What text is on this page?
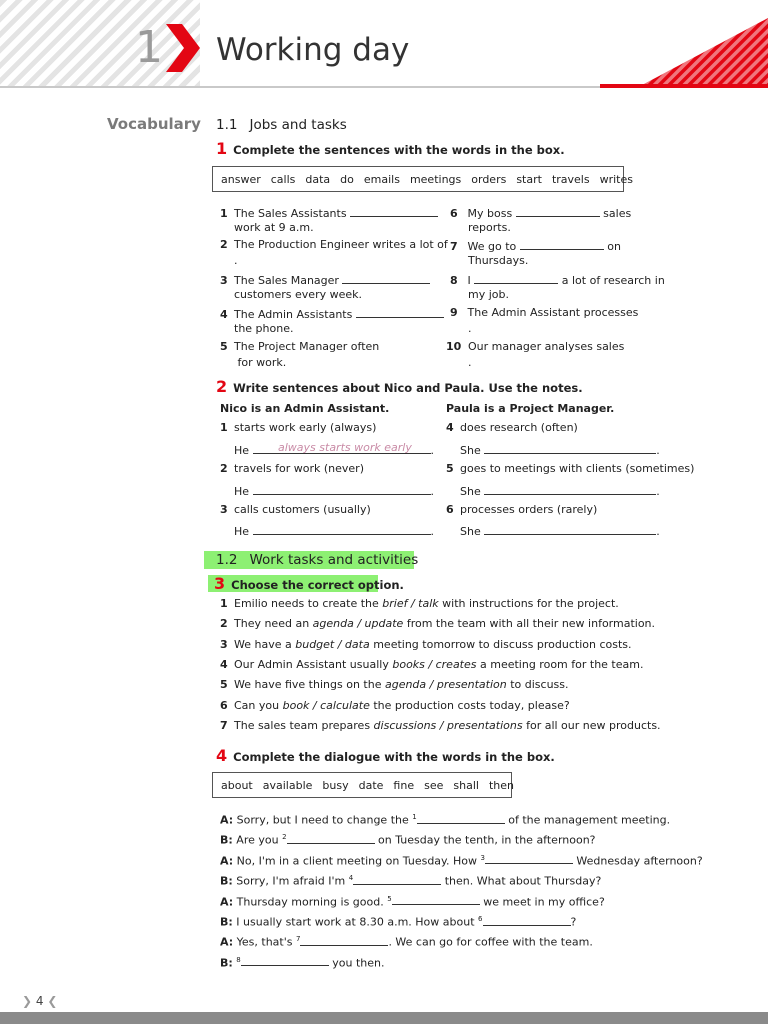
1 Working day
Vocabulary 1.1 Jobs and tasks
1 Complete the sentences with the words in the box.
answer calls data do emails meetings orders start travels writes
1 The Sales Assistants
work at 9 a.m.
2 The Production Engineer writes a lot of
.
3 The Sales Manager
customers every week.
4 The Admin Assistants
the phone.
5 The Project Manager often
for work.
6 My boss	sales
reports.
7 We go to	on
Thursdays.
8 I	a lot of research in
my job.
9 The Admin Assistant processes
.
10 Our manager analyses sales
.
2 Write sentences about Nico and Paula. Use the notes.
Nico is an Admin Assistant.	Paula is a Project Manager.
1 starts work early (always)
He	.
always starts work early
2 travels for work (never)
He	.
3 calls customers (usually)
He	.
4 does research (often)
She	.
5 goes to meetings with clients (sometimes)
She	.
6 processes orders (rarely)
She	.
1.2 Work tasks and activities
3 Choose the correct option.
1 Emilio needs to create the brief / talk with instructions for the project.
2 They need an agenda / update from the team with all their new information.
3 We have a budget / data meeting tomorrow to discuss production costs.
4 Our Admin Assistant usually books / creates a meeting room for the team.
5 We have five things on the agenda / presentation to discuss.
6 Can you book / calculate the production costs today, please?
7 The sales team prepares discussions / presentations for all our new products.
4 Complete the dialogue with the words in the box.
about available busy date fine see shall then
A: Sorry, but I need to change the $^1$	of the management meeting.
B: Are you $^2$	on Tuesday the tenth, in the afternoon?
A: No, I'm in a client meeting on Tuesday. How $^3$	Wednesday afternoon?
B: Sorry, I'm afraid I'm $^4$	then. What about Thursday?
A: Thursday morning is good. $^5$	we meet in my office?
B: I usually start work at 8.30 a.m. How about $^6$	?
A: Yes, that's $^7$	. We can go for coffee with the team.
B: $^8$	you then.
❯ 4 ❮
